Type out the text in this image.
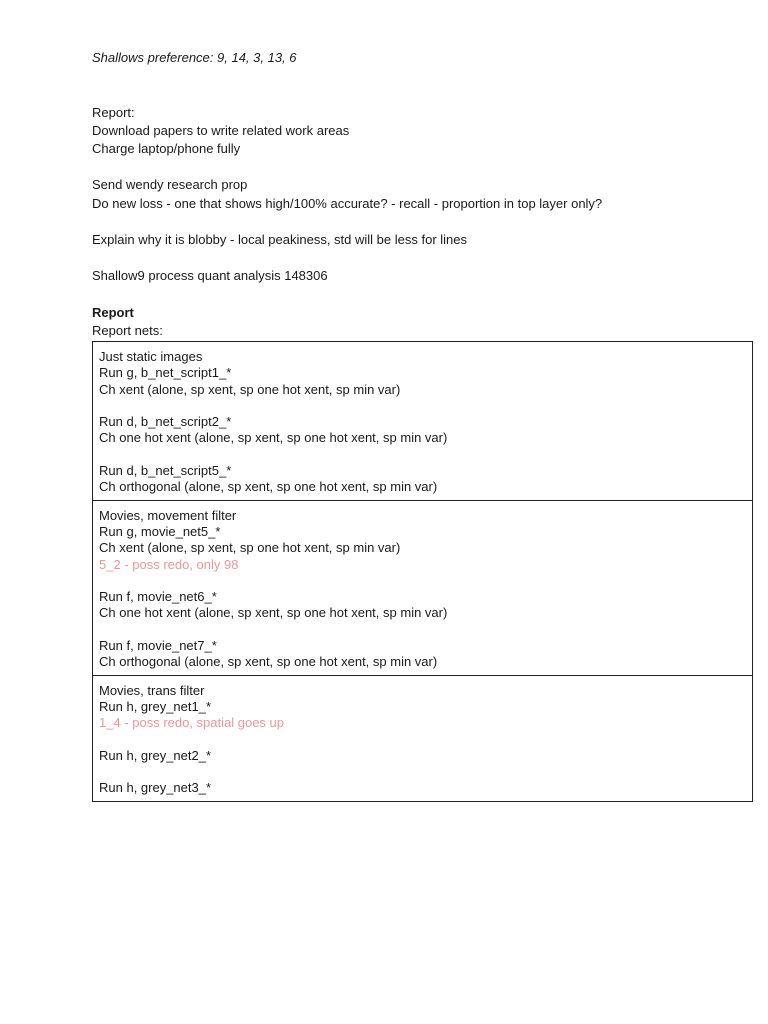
Shallows preference: 9, 14, 3, 13, 6
Report:
Download papers to write related work areas
Charge laptop/phone fully
Send wendy research prop
Do new loss - one that shows high/100% accurate? - recall - proportion in top layer only?
Explain why it is blobby - local peakiness, std will be less for lines
Shallow9 process quant analysis 148306
Report
Report nets:
Just static images
Run g, b_net_script1_*
Ch xent (alone, sp xent, sp one hot xent, sp min var)
Run d, b_net_script2_*
Ch one hot xent (alone, sp xent, sp one hot xent, sp min var)
Run d, b_net_script5_*
Ch orthogonal (alone, sp xent, sp one hot xent, sp min var)
Movies, movement filter
Run g, movie_net5_*
Ch xent (alone, sp xent, sp one hot xent, sp min var)
5_2 - poss redo, only 98
Run f, movie_net6_*
Ch one hot xent (alone, sp xent, sp one hot xent, sp min var)
Run f, movie_net7_*
Ch orthogonal (alone, sp xent, sp one hot xent, sp min var)
Movies, trans filter
Run h, grey_net1_*
1_4 - poss redo, spatial goes up
Run h, grey_net2_*
Run h, grey_net3_*
